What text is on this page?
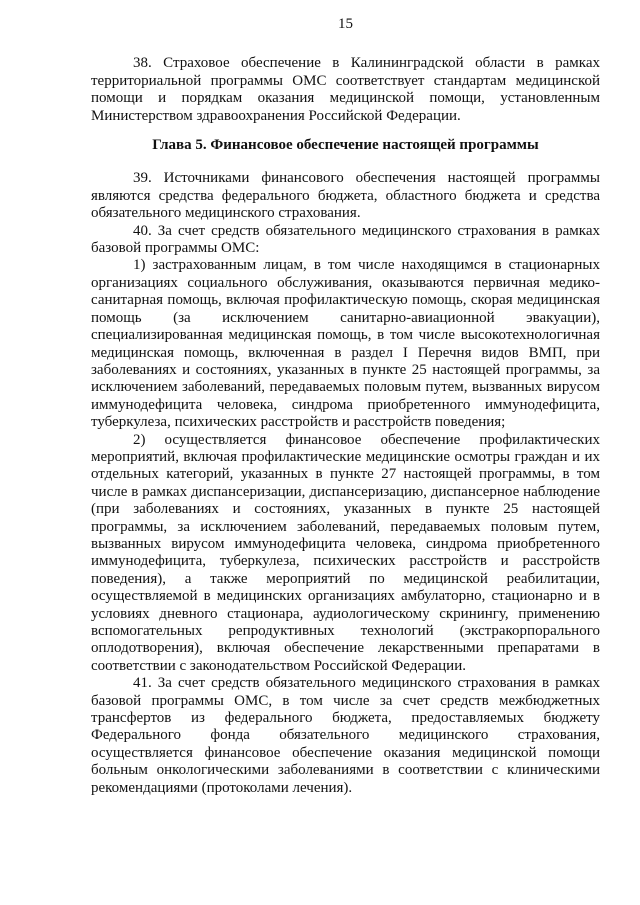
15

38. Страховое обеспечение в Калининградской области в рамках территориальной программы ОМС соответствует стандартам медицинской помощи и порядкам оказания медицинской помощи, установленным Министерством здравоохранения Российской Федерации.

Глава 5. Финансовое обеспечение настоящей программы

39. Источниками финансового обеспечения настоящей программы являются средства федерального бюджета, областного бюджета и средства обязательного медицинского страхования.

40. За счет средств обязательного медицинского страхования в рамках базовой программы ОМС:

1) застрахованным лицам, в том числе находящимся в стационарных организациях социального обслуживания, оказываются первичная медико-санитарная помощь, включая профилактическую помощь, скорая медицинская помощь (за исключением санитарно-авиационной эвакуации), специализированная медицинская помощь, в том числе высокотехнологичная медицинская помощь, включенная в раздел I Перечня видов ВМП, при заболеваниях и состояниях, указанных в пункте 25 настоящей программы, за исключением заболеваний, передаваемых половым путем, вызванных вирусом иммунодефицита человека, синдрома приобретенного иммунодефицита, туберкулеза, психических расстройств и расстройств поведения;

2) осуществляется финансовое обеспечение профилактических мероприятий, включая профилактические медицинские осмотры граждан и их отдельных категорий, указанных в пункте 27 настоящей программы, в том числе в рамках диспансеризации, диспансеризацию, диспансерное наблюдение (при заболеваниях и состояниях, указанных в пункте 25 настоящей программы, за исключением заболеваний, передаваемых половым путем, вызванных вирусом иммунодефицита человека, синдрома приобретенного иммунодефицита, туберкулеза, психических расстройств и расстройств поведения), а также мероприятий по медицинской реабилитации, осуществляемой в медицинских организациях амбулаторно, стационарно и в условиях дневного стационара, аудиологическому скринингу, применению вспомогательных репродуктивных технологий (экстракорпорального оплодотворения), включая обеспечение лекарственными препаратами в соответствии с законодательством Российской Федерации.

41. За счет средств обязательного медицинского страхования в рамках базовой программы ОМС, в том числе за счет средств межбюджетных трансфертов из федерального бюджета, предоставляемых бюджету Федерального фонда обязательного медицинского страхования, осуществляется финансовое обеспечение оказания медицинской помощи больным онкологическими заболеваниями в соответствии с клиническими рекомендациями (протоколами лечения).
